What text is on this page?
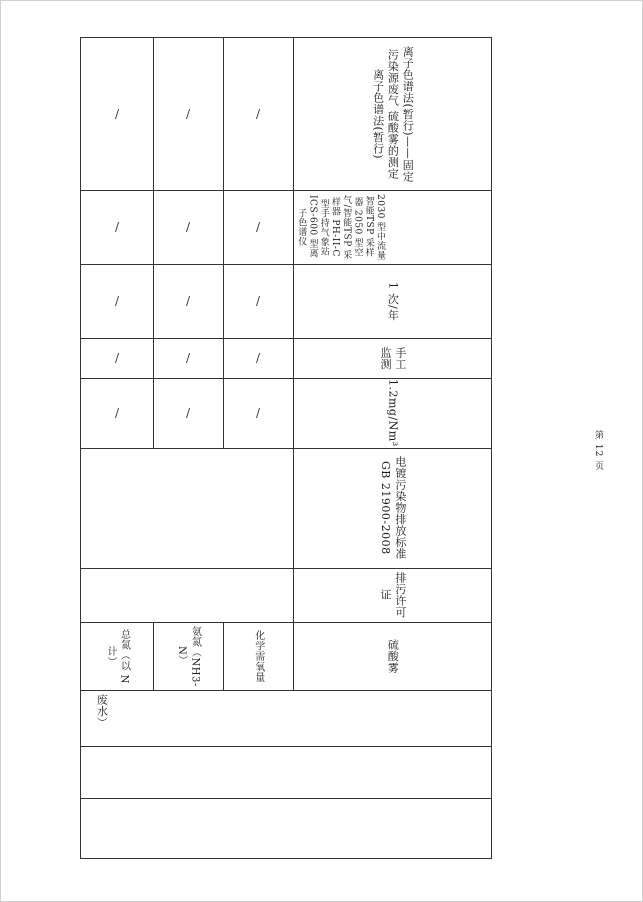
/	/	/	离子色谱法(暂行)——固定污染源废气 硫酸雾的测定 离子色谱法(暂行)
/	/	/	2030 型中流量智能TSP 采样器 2050 型空气/智能TSP 采样器 PH-II-C 型手持气象站 ICS-600 型离子色谱仪
/	/	/	1 次/年
/	/	/	手工监测
/	/	/	1.2mg/Nm³
电镀污染物排放标准 GB 21900-2008
排污许可证
总氮（以 N 计）	氨氮（NH3-N）	化学需氧量	硫酸雾
废水）
第 12 页
